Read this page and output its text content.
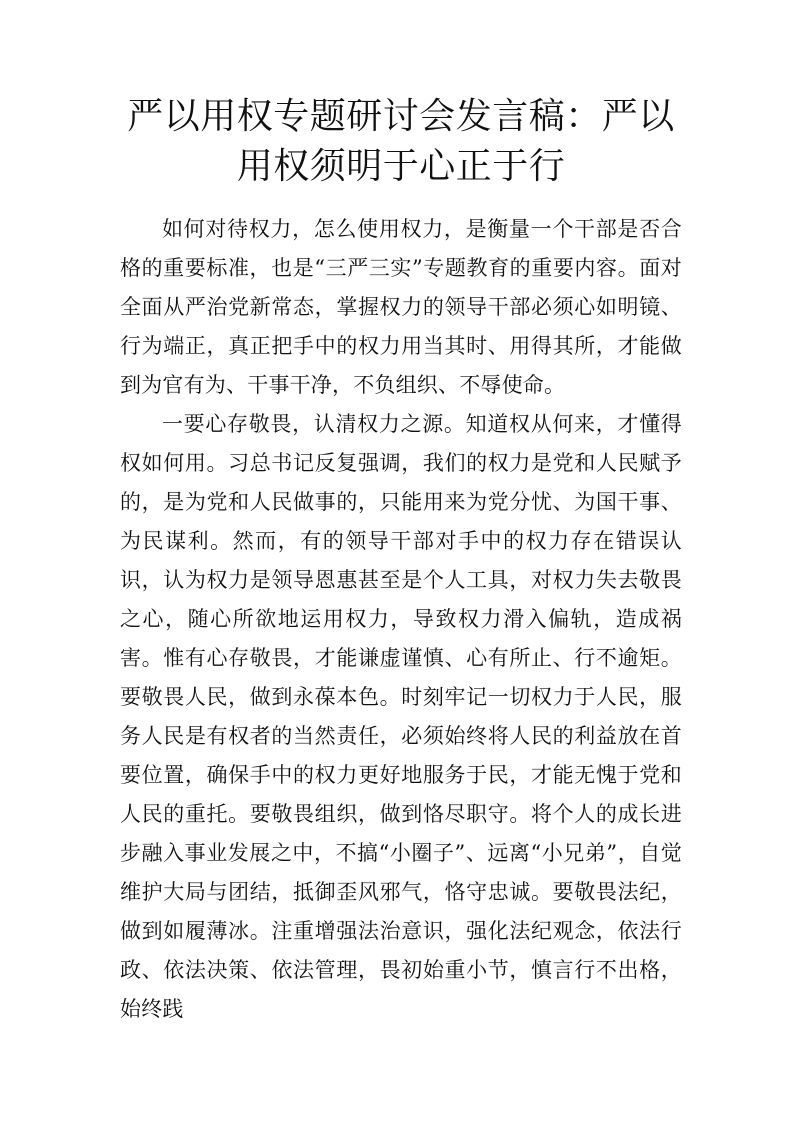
严以用权专题研讨会发言稿：严以用权须明于心正于行

如何对待权力，怎么使用权力，是衡量一个干部是否合格的重要标准，也是“三严三实”专题教育的重要内容。面对全面从严治党新常态，掌握权力的领导干部必须心如明镜、行为端正，真正把手中的权力用当其时、用得其所，才能做到为官有为、干事干净，不负组织、不辱使命。

一要心存敬畏，认清权力之源。知道权从何来，才懂得权如何用。习总书记反复强调，我们的权力是党和人民赋予的，是为党和人民做事的，只能用来为党分忧、为国干事、为民谋利。然而，有的领导干部对手中的权力存在错误认识，认为权力是领导恩惠甚至是个人工具，对权力失去敬畏之心，随心所欲地运用权力，导致权力滑入偏轨，造成祸害。惟有心存敬畏，才能谦虚谨慎、心有所止、行不逾矩。要敬畏人民，做到永葆本色。时刻牢记一切权力于人民，服务人民是有权者的当然责任，必须始终将人民的利益放在首要位置，确保手中的权力更好地服务于民，才能无愧于党和人民的重托。要敬畏组织，做到恪尽职守。将个人的成长进步融入事业发展之中，不搞“小圈子”、远离“小兄弟”，自觉维护大局与团结，抵御歪风邪气，恪守忠诚。要敬畏法纪，做到如履薄冰。注重增强法治意识，强化法纪观念，依法行政、依法决策、依法管理，畏初始重小节，慎言行不出格，始终践
